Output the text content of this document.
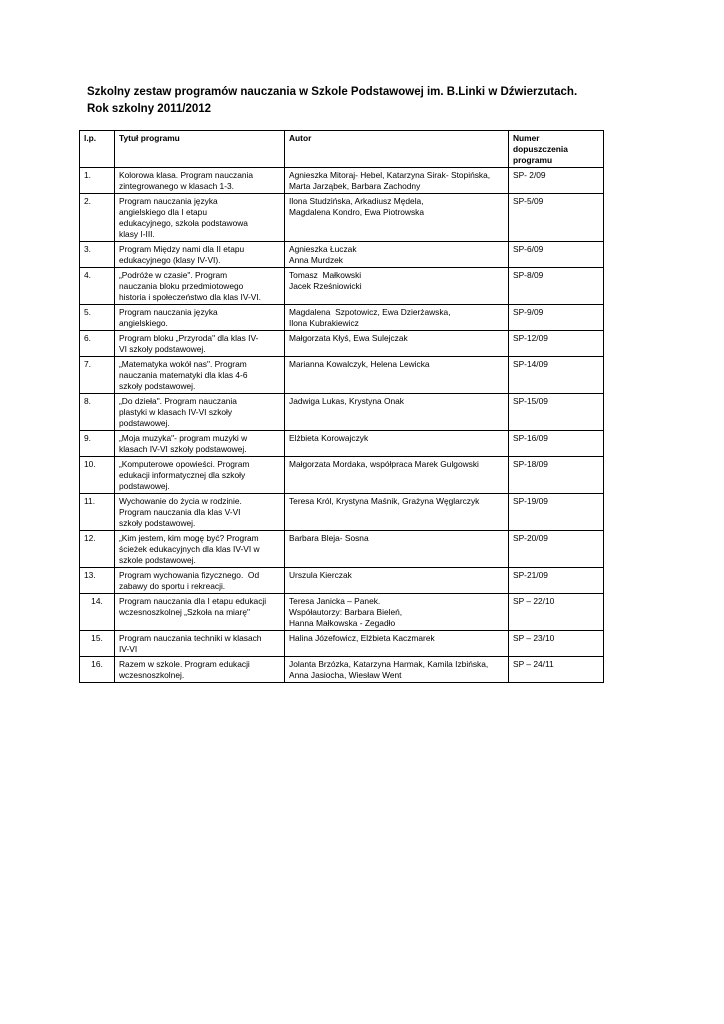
Szkolny zestaw programów nauczania w Szkole Podstawowej im. B.Linki w Dźwierzutach.
Rok szkolny 2011/2012
l.p.	Tytuł programu	Autor	Numer
dopuszczenia
programu

1.	Kolorowa klasa. Program nauczania
zintegrowanego w klasach 1-3.	Agnieszka Mitoraj- Hebel, Katarzyna Sirak- Stopińska,
Marta Jarząbek, Barbara Zachodny	SP- 2/09
2.	Program nauczania języka
angielskiego dla I etapu
edukacyjnego, szkoła podstawowa
klasy I-III.	Ilona Studzińska, Arkadiusz Mędela,
Magdalena Kondro, Ewa Piotrowska	SP-5/09
3.	Program Między nami dla II etapu
edukacyjnego (klasy IV-VI).	Agnieszka Łuczak
Anna Murdzek	SP-6/09
4.	„Podróże w czasie". Program
nauczania bloku przedmiotowego
historia i społeczeństwo dla klas IV-VI.	Tomasz  Małkowski
Jacek Rześniowicki	SP-8/09
5.	Program nauczania języka
angielskiego.	Magdalena  Szpotowicz, Ewa Dzierżawska,
Ilona Kubrakiewicz	SP-9/09
6.	Program bloku „Przyroda" dla klas IV-
VI szkoły podstawowej.	Małgorzata Kłyś, Ewa Sulejczak	SP-12/09
7.	„Matematyka wokół nas". Program
nauczania matematyki dla klas 4-6
szkoły podstawowej.	Marianna Kowalczyk, Helena Lewicka	SP-14/09
8.	„Do dzieła". Program nauczania
plastyki w klasach IV-VI szkoły
podstawowej.	Jadwiga Lukas, Krystyna Onak	SP-15/09
9.	„Moja muzyka"- program muzyki w
klasach IV-VI szkoły podstawowej.	Elżbieta Korowajczyk	SP-16/09
10.	„Komputerowe opowieści. Program
edukacji informatycznej dla szkoły
podstawowej.	Małgorzata Mordaka, współpraca Marek Gulgowski	SP-18/09
11.	Wychowanie do życia w rodzinie.
Program nauczania dla klas V-VI
szkoły podstawowej.	Teresa Król, Krystyna Maśnik, Grażyna Węglarczyk	SP-19/09
12.	„Kim jestem, kim mogę być? Program
ścieżek edukacyjnych dla klas IV-VI w
szkole podstawowej.	Barbara Bleja- Sosna	SP-20/09
13.	Program wychowania fizycznego.  Od
zabawy do sportu i rekreacji.	Urszula Kierczak	SP-21/09
14.	Program nauczania dla I etapu edukacji
wczesnoszkolnej „Szkoła na miarę"	Teresa Janicka – Panek.
Współautorzy: Barbara Bieleń,
Hanna Małkowska - Zegadło	SP – 22/10
15.	Program nauczania techniki w klasach
IV-VI	Halina Józefowicz, Elżbieta Kaczmarek	SP – 23/10
16.	Razem w szkole. Program edukacji
wczesnoszkolnej.	Jolanta Brzózka, Katarzyna Harmak, Kamila Izbińska,
Anna Jasiocha, Wiesław Went	SP – 24/11
